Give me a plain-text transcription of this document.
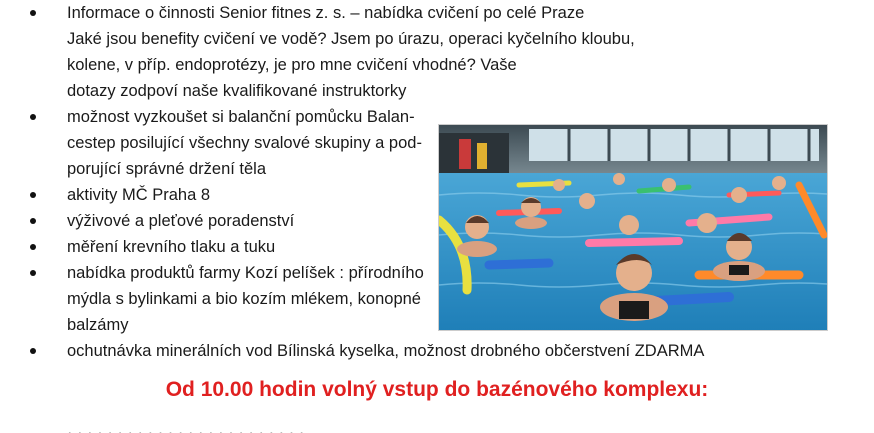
Informace o činnosti Senior fitnes z. s. – nabídka cvičení po celé Praze
Jaké jsou benefity cvičení ve vodě? Jsem po úrazu, operaci kyčelního kloubu,
kolene, v příp. endoprotézy, je pro mne cvičení vhodné? Vaše
dotazy zodpoví naše kvalifikované instruktorky
možnost vyzkoušet si balanční pomůcku Balan-
cestep posilující všechny svalové skupiny a pod-
porující správné držení těla
aktivity MČ Praha 8
výživové a pleťové poradenství
měření krevního tlaku a tuku
nabídka produktů farmy Kozí pelíšek : přírodního
mýdla s bylinkami a bio kozím mlékem, konopné
balzámy
ochutnávka minerálních vod Bílinská kyselka, možnost drobného občerstvení ZDARMA
Od 10.00 hodin volný vstup do bazénového komplexu:
· · · · · · · · · · · · · · · · · · · · · · · ·
